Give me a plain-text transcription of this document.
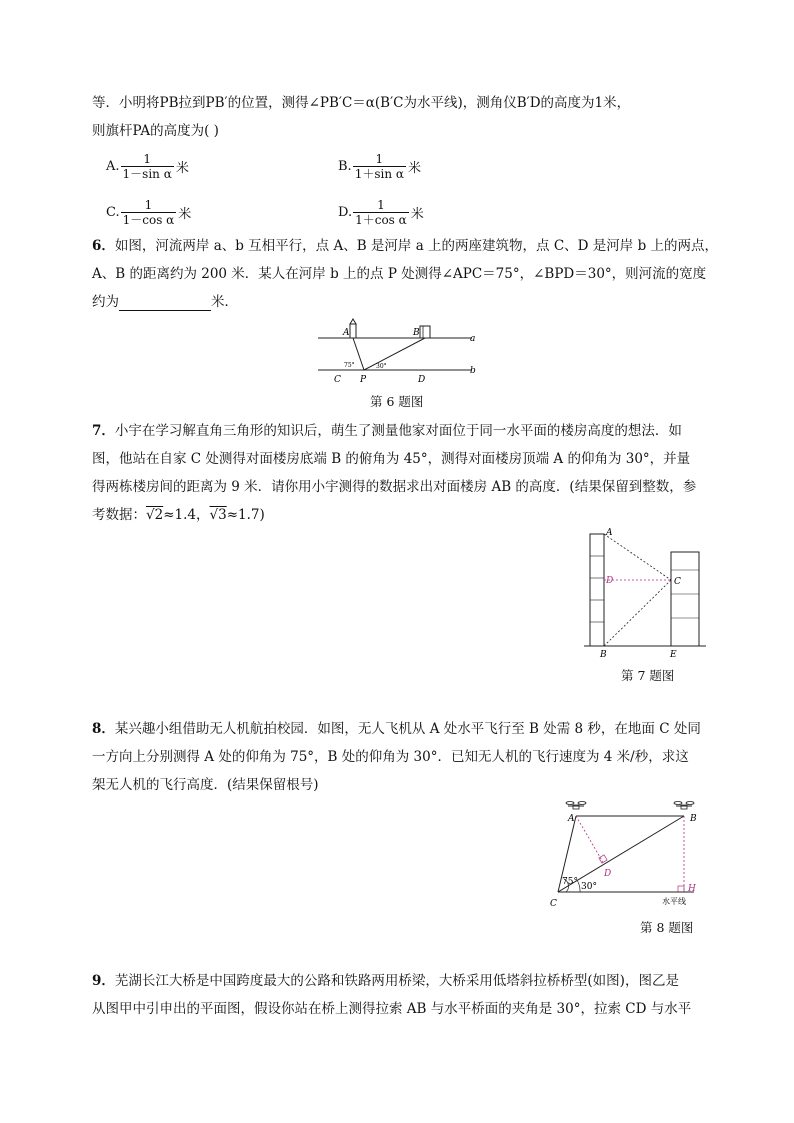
等．小明将PB拉到PB′的位置，测得∠PB′C＝α(B′C为水平线)，测角仪B′D的高度为1米，
则旗杆PA的高度为( )
A. $\frac{1}{\text{1－sin α}}$ 米	B. $\frac{1}{\text{1＋sin α}}$ 米
C. $\frac{1}{\text{1－cos α}}$ 米	D. $\frac{1}{\text{1＋cos α}}$ 米
6．如图，河流两岸 a、b 互相平行，点 A、B 是河岸 a 上的两座建筑物，点 C、D 是河岸 b 上的两点，
A、B 的距离约为 200 米．某人在河岸 b 上的点 P 处测得∠APC＝75°，∠BPD＝30°，则河流的宽度
约为	米．
A	B
a
b
C P	D
75°	30°
第 6 题图
7．小宇在学习解直角三角形的知识后，萌生了测量他家对面位于同一水平面的楼房高度的想法．如
图，他站在自家 C 处测得对面楼房底端 B 的俯角为 45°，测得对面楼房顶端 A 的仰角为 30°，并量
得两栋楼房间的距离为 9 米．请你用小宇测得的数据求出对面楼房 AB 的高度．(结果保留到整数，参
考数据：√2≈1.4，√3≈1.7)
A
D	C
B	E
第 7 题图
8．某兴趣小组借助无人机航拍校园．如图，无人飞机从 A 处水平飞行至 B 处需 8 秒，在地面 C 处同
一方向上分别测得 A 处的仰角为 75°，B 处的仰角为 30°．已知无人机的飞行速度为 4 米/秒，求这
架无人机的飞行高度．(结果保留根号)
A	B
C
D
H
75° 30°
水平线
第 8 题图
9．芜湖长江大桥是中国跨度最大的公路和铁路两用桥梁，大桥采用低塔斜拉桥桥型(如图)，图乙是
从图甲中引申出的平面图，假设你站在桥上测得拉索 AB 与水平桥面的夹角是 30°，拉索 CD 与水平
